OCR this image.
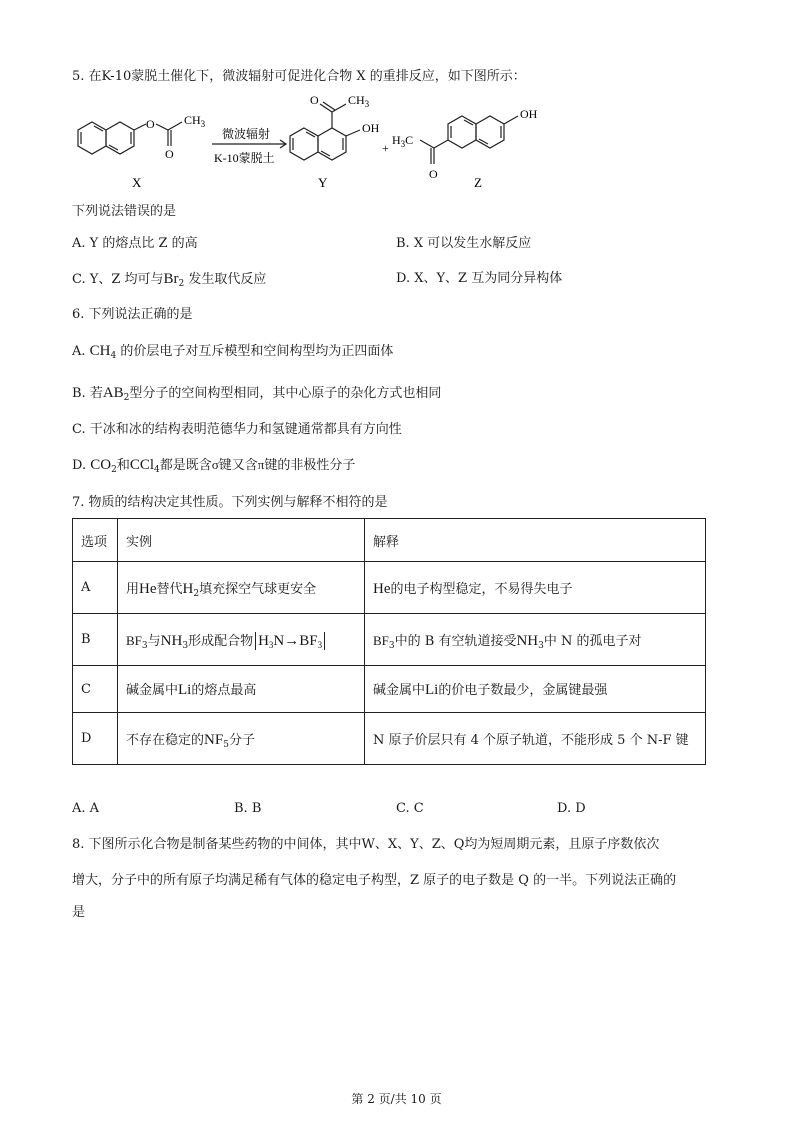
5. 在K-10蒙脱土催化下，微波辐射可促进化合物 X 的重排反应，如下图所示：
O
O
$CH_3$
微波辐射
K-10蒙脱土
O $CH_3$
OH
+
$H_3C$
O
OH
X	Y	Z
下列说法错误的是
A. Y 的熔点比 Z 的高	B. X 可以发生水解反应
C. Y、Z 均可与$Br_2$ 发生取代反应	D. X、Y、Z 互为同分异构体
6. 下列说法正确的是
A. $CH_4$ 的价层电子对互斥模型和空间构型均为正四面体
B. 若$AB_2$型分子的空间构型相同，其中心原子的杂化方式也相同
C. 干冰和冰的结构表明范德华力和氢键通常都具有方向性
D. $CO_2$和CCl$_4$都是既含σ键又含π键的非极性分子
7. 物质的结构决定其性质。下列实例与解释不相符的是
选项	实例	解释
A	用He替代$H_2$填充探空气球更安全	He的电子构型稳定，不易得失电子
B	$BF_3$与$NH_3$形成配合物 $H_3N\to BF_3$	$BF_3$中的 B 有空轨道接受$NH_3$中 N 的孤电子对
C	碱金属中Li的熔点最高	碱金属中Li的价电子数最少，金属键最强
D	不存在稳定的$NF_5$分子	N 原子价层只有 4 个原子轨道，不能形成 5 个 N-F 键
A. A	B. B	C. C	D. D
8. 下图所示化合物是制备某些药物的中间体，其中W、X、Y、Z、Q均为短周期元素，且原子序数依次
增大，分子中的所有原子均满足稀有气体的稳定电子构型，Z 原子的电子数是 Q 的一半。下列说法正确的
是
第 2 页/共 10 页
